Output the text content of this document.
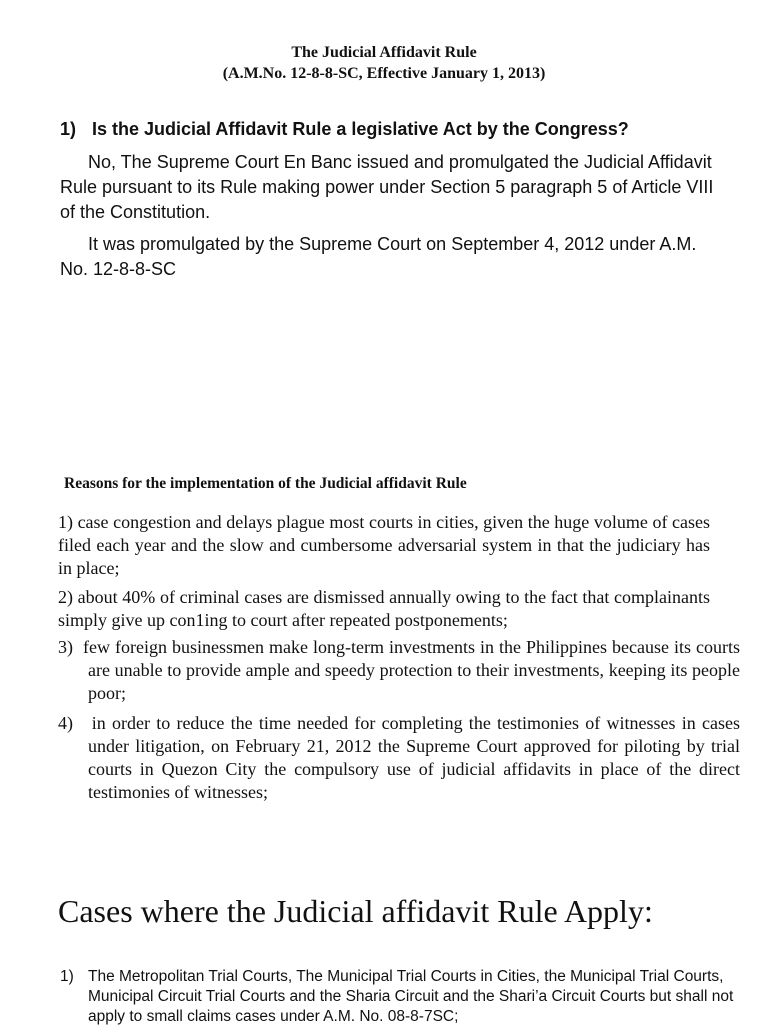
The Judicial Affidavit Rule
(A.M.No. 12-8-8-SC, Effective January 1, 2013)
1) Is the Judicial Affidavit Rule a legislative Act by the Congress?
No, The Supreme Court En Banc issued and promulgated the Judicial Affidavit Rule pursuant to its Rule making power under Section 5 paragraph 5 of Article VIII of the Constitution.
It was promulgated by the Supreme Court on September 4, 2012 under A.M. No. 12-8-8-SC
Reasons for the implementation of the Judicial affidavit Rule
1) case congestion and delays plague most courts in cities, given the huge volume of cases filed each year and the slow and cumbersome adversarial system in that the judiciary has in place;
2) about 40% of criminal cases are dismissed annually owing to the fact that complainants simply give up con1ing to court after repeated postponements;
3)  few foreign businessmen make long-term investments in the Philippines because its courts are unable to provide ample and speedy protection to their investments, keeping its people poor;
4)   in order to reduce the time needed for completing the testimonies of witnesses in cases under litigation, on February 21, 2012 the Supreme Court approved for piloting by trial courts in Quezon City the compulsory use of judicial affidavits in place of the direct testimonies of witnesses;
Cases where the Judicial affidavit Rule Apply:
1) The Metropolitan Trial Courts, The Municipal Trial Courts in Cities, the Municipal Trial Courts, Municipal Circuit Trial Courts and the Sharia Circuit and the Shari’a Circuit Courts but shall not apply to small claims cases under A.M. No. 08-8-7SC;
